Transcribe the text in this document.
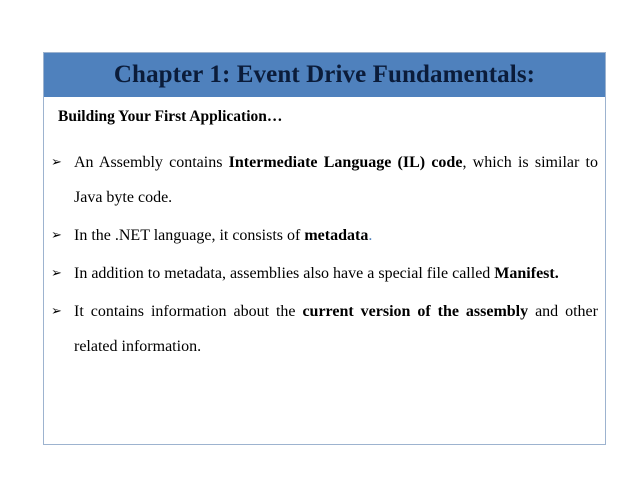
Chapter 1: Event Drive Fundamentals:
Building Your First Application…
➢ An Assembly contains Intermediate Language (IL) code, which is similar to Java byte code.
➢ In the .NET language, it consists of metadata.
➢ In addition to metadata, assemblies also have a special file called Manifest.
➢ It contains information about the current version of the assembly and other related information.
